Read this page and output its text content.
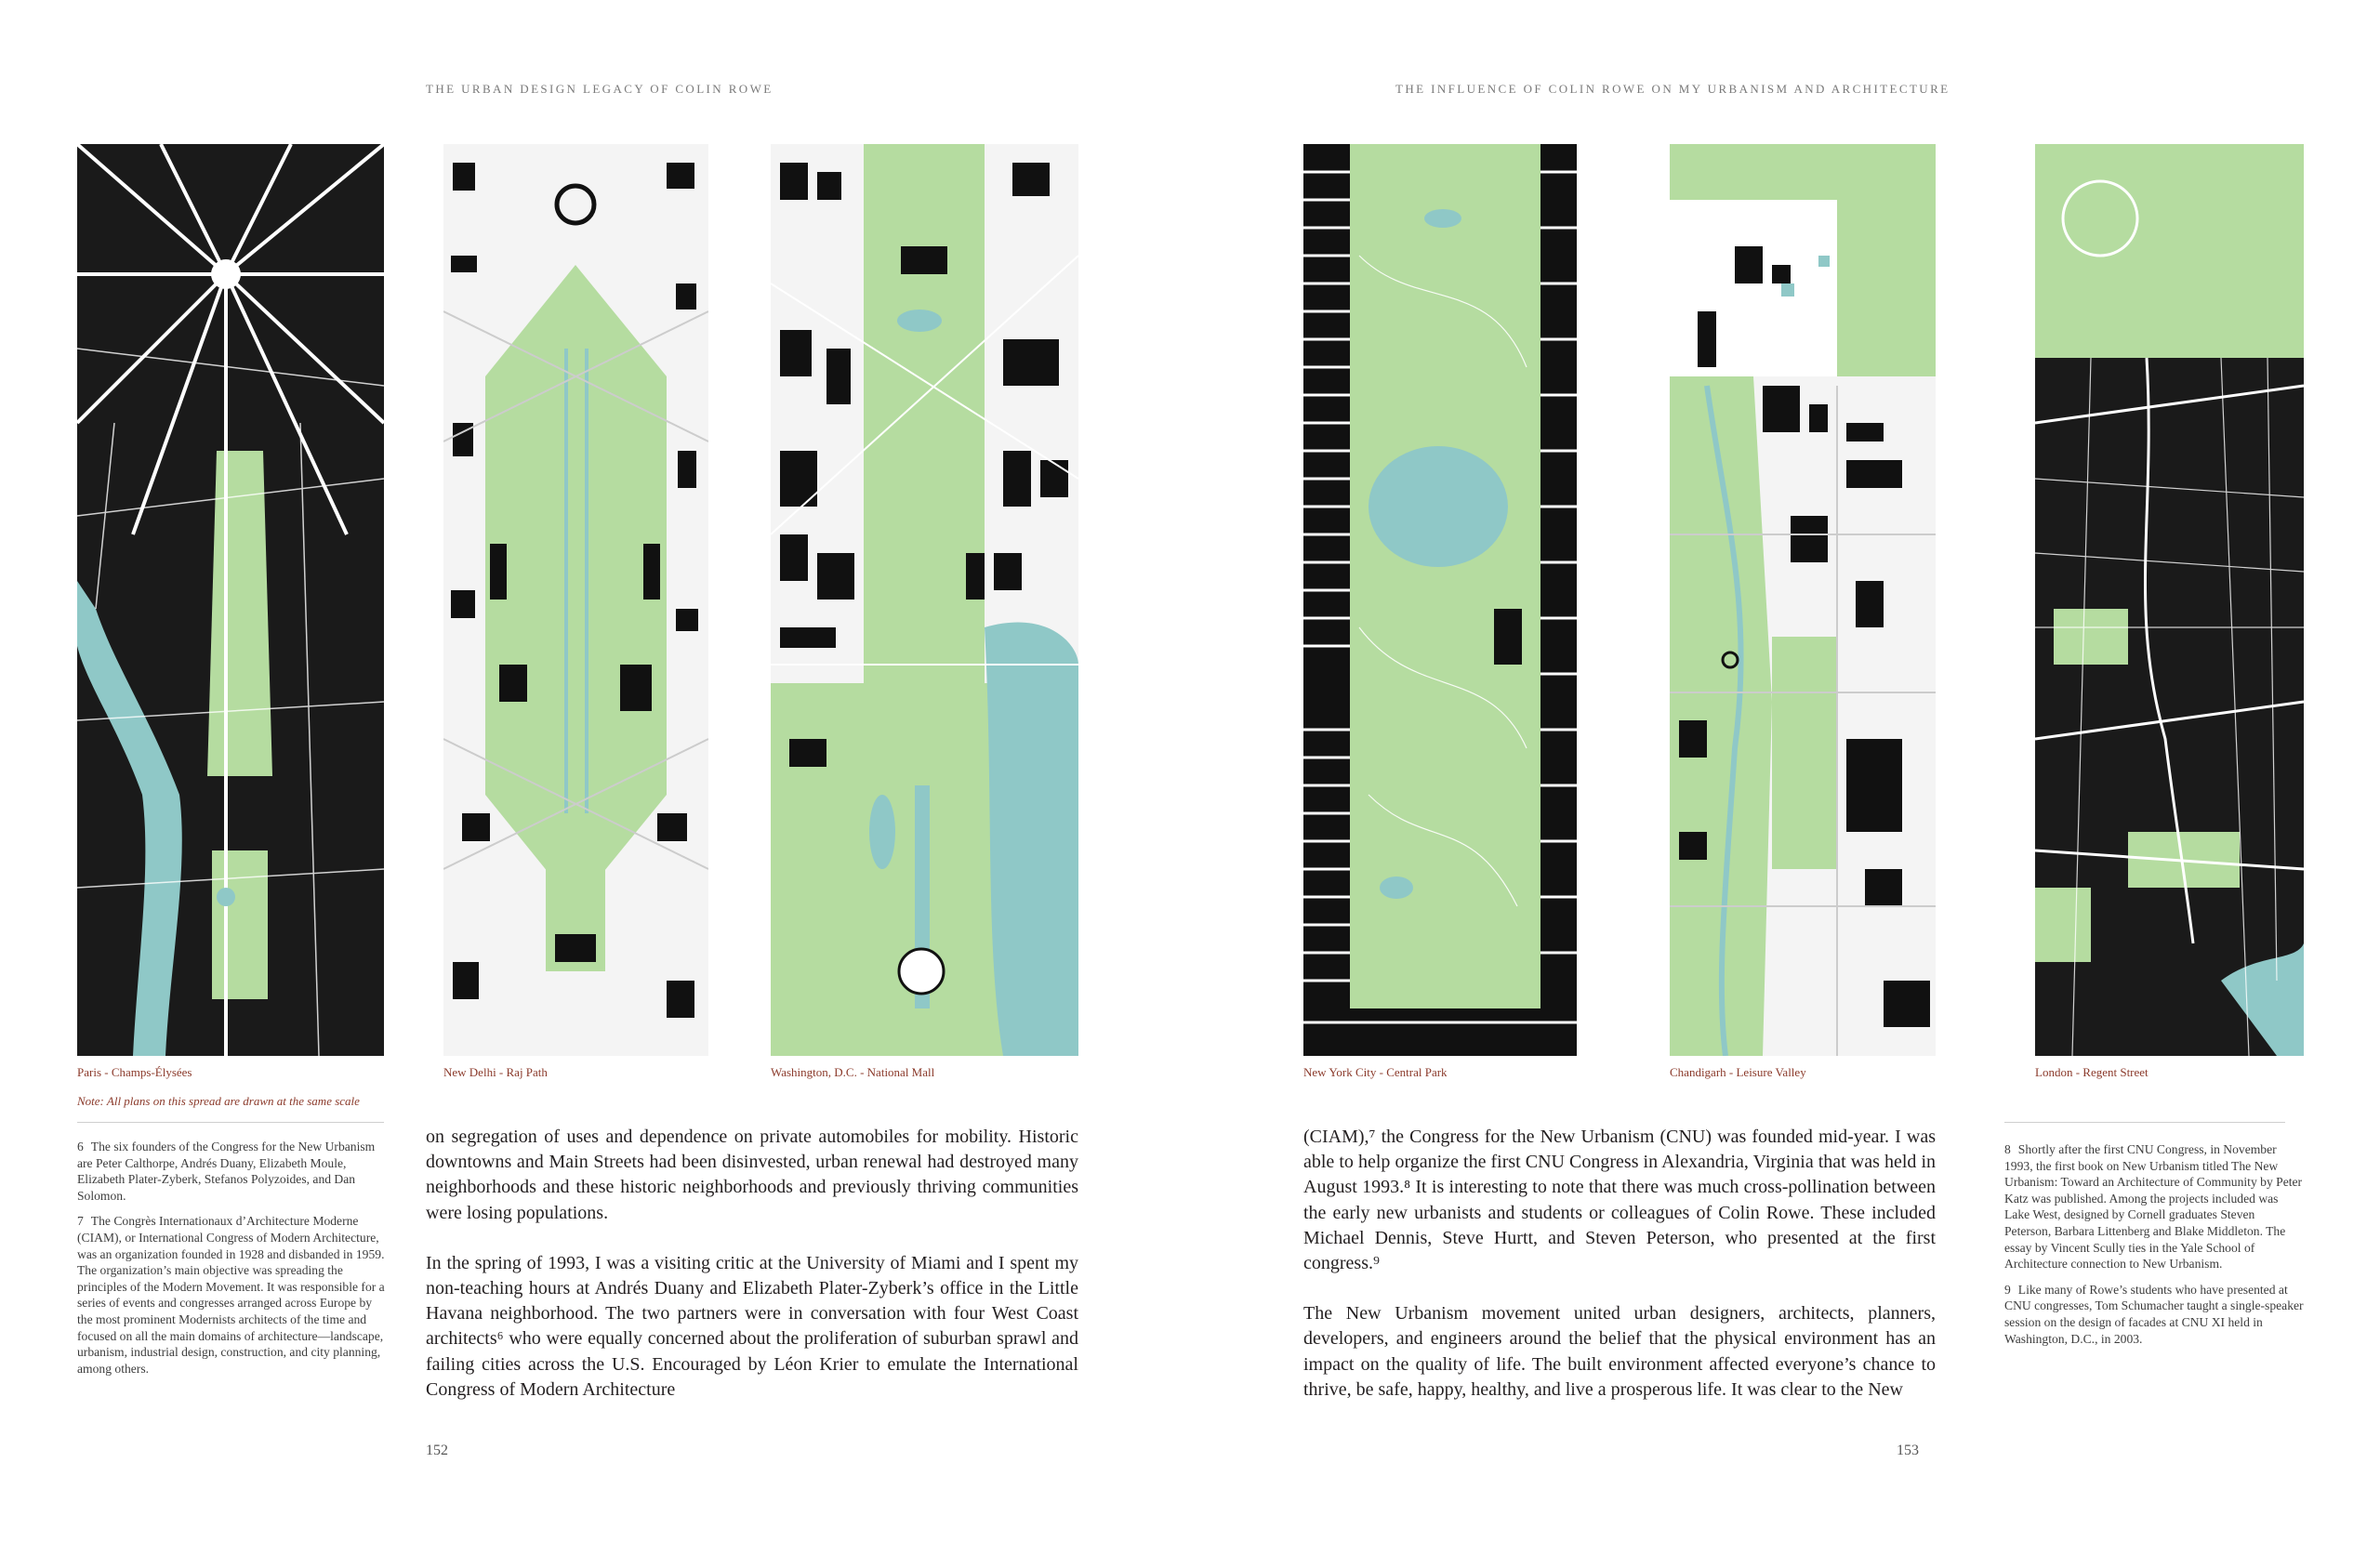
THE URBAN DESIGN LEGACY OF COLIN ROWE
Paris - Champs-Élysées
Note: All plans on this spread are drawn at the same scale
New Delhi - Raj Path	Washington, D.C. - National Mall

6 The six founders of the Congress for the New Urbanism are Peter Calthorpe, Andrés Duany, Elizabeth Moule, Elizabeth Plater-Zyberk, Stefanos Polyzoides, and Dan Solomon.

7 The Congrès Internationaux d’Architecture Moderne (CIAM), or International Congress of Modern Architecture, was an organization founded in 1928 and disbanded in 1959. The organization’s main objective was spreading the principles of the Modern Movement. It was responsible for a series of events and congresses arranged across Europe by the most prominent Modernists architects of the time and focused on all the main domains of architecture—landscape, urbanism, industrial design, construction, and city planning, among others.

on segregation of uses and dependence on private automobiles for mobility. Historic downtowns and Main Streets had been disinvested, urban renewal had destroyed many neighborhoods and these historic neighborhoods and previously thriving communities were losing populations.

In the spring of 1993, I was a visiting critic at the University of Miami and I spent my non-teaching hours at Andrés Duany and Elizabeth Plater-Zyberk’s office in the Little Havana neighborhood. The two partners were in conversation with four West Coast architects⁶ who were equally concerned about the proliferation of suburban sprawl and failing cities across the U.S. Encouraged by Léon Krier to emulate the International Congress of Modern Architecture

152
THE INFLUENCE OF COLIN ROWE ON MY URBANISM AND ARCHITECTURE
New York City - Central Park	Chandigarh - Leisure Valley	London - Regent Street

(CIAM),⁷ the Congress for the New Urbanism (CNU) was founded mid-year. I was able to help organize the first CNU Congress in Alexandria, Virginia that was held in August 1993.⁸ It is interesting to note that there was much cross-pollination between the early new urbanists and students or colleagues of Colin Rowe. These included Michael Dennis, Steve Hurtt, and Steven Peterson, who presented at the first congress.⁹

The New Urbanism movement united urban designers, architects, planners, developers, and engineers around the belief that the physical environment has an impact on the quality of life. The built environment affected everyone’s chance to thrive, be safe, happy, healthy, and live a prosperous life. It was clear to the New

8 Shortly after the first CNU Congress, in November 1993, the first book on New Urbanism titled The New Urbanism: Toward an Architecture of Community by Peter Katz was published. Among the projects included was Lake West, designed by Cornell graduates Steven Peterson, Barbara Littenberg and Blake Middleton. The essay by Vincent Scully ties in the Yale School of Architecture connection to New Urbanism.

9 Like many of Rowe’s students who have presented at CNU congresses, Tom Schumacher taught a single-speaker session on the design of facades at CNU XI held in Washington, D.C., in 2003.

153
